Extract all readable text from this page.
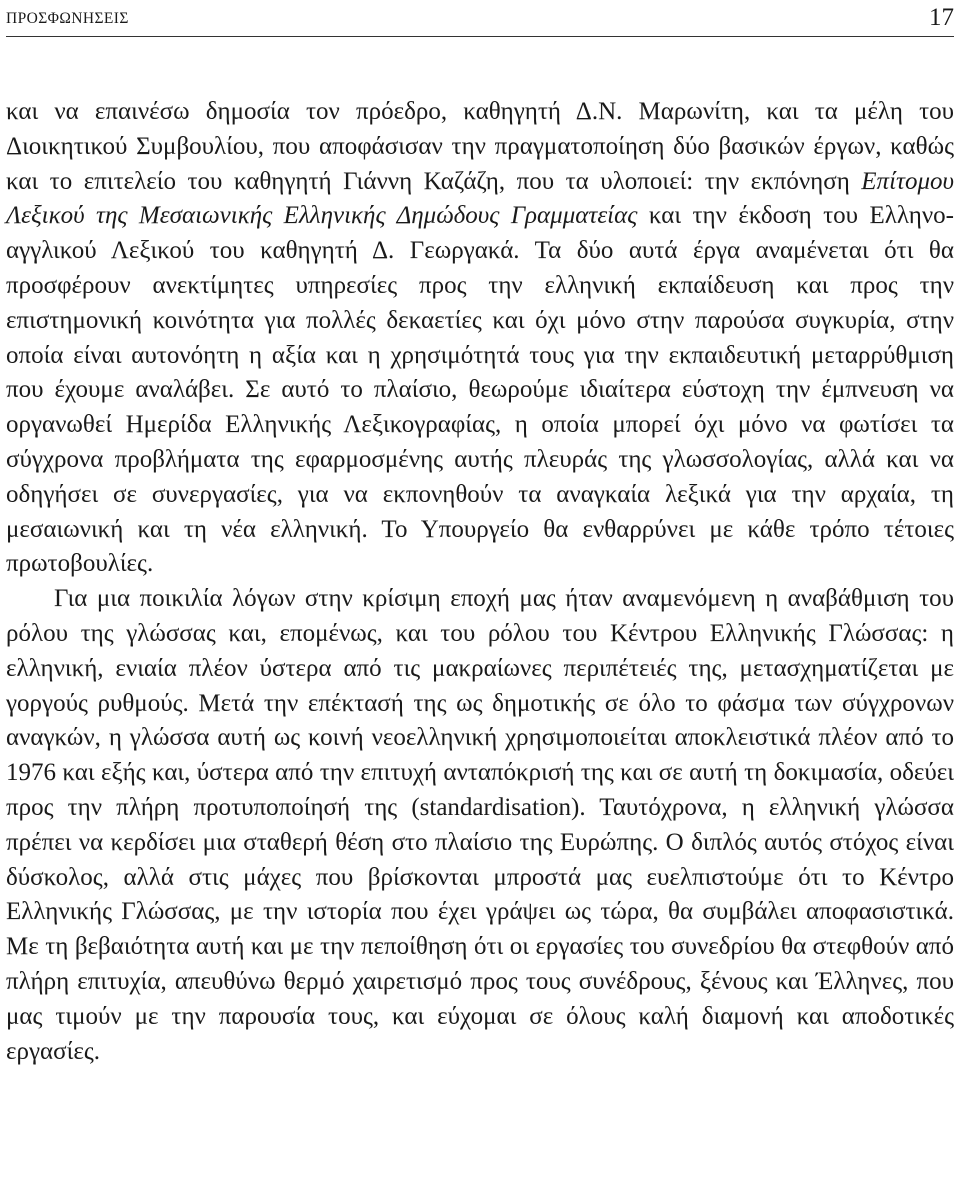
ΠΡΟΣΦΩΝΗΣΕΙΣ	17

και να επαινέσω δημοσία τον πρόεδρο, καθηγητή Δ.Ν. Μαρωνίτη, και τα μέλη του Διοικητικού Συμβουλίου, που αποφάσισαν την πραγματοποίηση δύο βασικών έργων, καθώς και το επιτελείο του καθηγητή Γιάννη Καζάζη, που τα υλοποιεί: την εκπόνηση Επίτομου Λεξικού της Μεσαιωνικής Ελληνικής Δημώδους Γραμματείας και την έκδοση του Ελληνο-αγγλικού Λεξικού του καθηγητή Δ. Γεωργακά. Τα δύο αυτά έργα αναμένεται ότι θα προσφέρουν ανεκτίμητες υπηρεσίες προς την ελληνική εκπαίδευση και προς την επιστημονική κοινότητα για πολλές δεκαετίες και όχι μόνο στην παρούσα συγκυρία, στην οποία είναι αυτονόητη η αξία και η χρησιμότητά τους για την εκπαιδευτική μεταρρύθμιση που έχουμε αναλάβει. Σε αυτό το πλαίσιο, θεωρούμε ιδιαίτερα εύστοχη την έμπνευση να οργανωθεί Ημερίδα Ελληνικής Λεξικογραφίας, η οποία μπορεί όχι μόνο να φωτίσει τα σύγχρονα προβλήματα της εφαρμοσμένης αυτής πλευράς της γλωσσολογίας, αλλά και να οδηγήσει σε συνεργασίες, για να εκπονηθούν τα αναγκαία λεξικά για την αρχαία, τη μεσαιωνική και τη νέα ελληνική. Το Υπουργείο θα ενθαρρύνει με κάθε τρόπο τέτοιες πρωτοβουλίες.

Για μια ποικιλία λόγων στην κρίσιμη εποχή μας ήταν αναμενόμενη η αναβάθμιση του ρόλου της γλώσσας και, επομένως, και του ρόλου του Κέντρου Ελληνικής Γλώσσας: η ελληνική, ενιαία πλέον ύστερα από τις μακραίωνες περιπέτειές της, μετασχηματίζεται με γοργούς ρυθμούς. Μετά την επέκτασή της ως δημοτικής σε όλο το φάσμα των σύγχρονων αναγκών, η γλώσσα αυτή ως κοινή νεοελληνική χρησιμοποιείται αποκλειστικά πλέον από το 1976 και εξής και, ύστερα από την επιτυχή ανταπόκρισή της και σε αυτή τη δοκιμασία, οδεύει προς την πλήρη προτυποποίησή της (standardisation). Ταυτόχρονα, η ελληνική γλώσσα πρέπει να κερδίσει μια σταθερή θέση στο πλαίσιο της Ευρώπης. Ο διπλός αυτός στόχος είναι δύσκολος, αλλά στις μάχες που βρίσκονται μπροστά μας ευελπιστούμε ότι το Κέντρο Ελληνικής Γλώσσας, με την ιστορία που έχει γράψει ως τώρα, θα συμβάλει αποφασιστικά. Με τη βεβαιότητα αυτή και με την πεποίθηση ότι οι εργασίες του συνεδρίου θα στεφθούν από πλήρη επιτυχία, απευθύνω θερμό χαιρετισμό προς τους συνέδρους, ξένους και Έλληνες, που μας τιμούν με την παρουσία τους, και εύχομαι σε όλους καλή διαμονή και αποδοτικές εργασίες.
